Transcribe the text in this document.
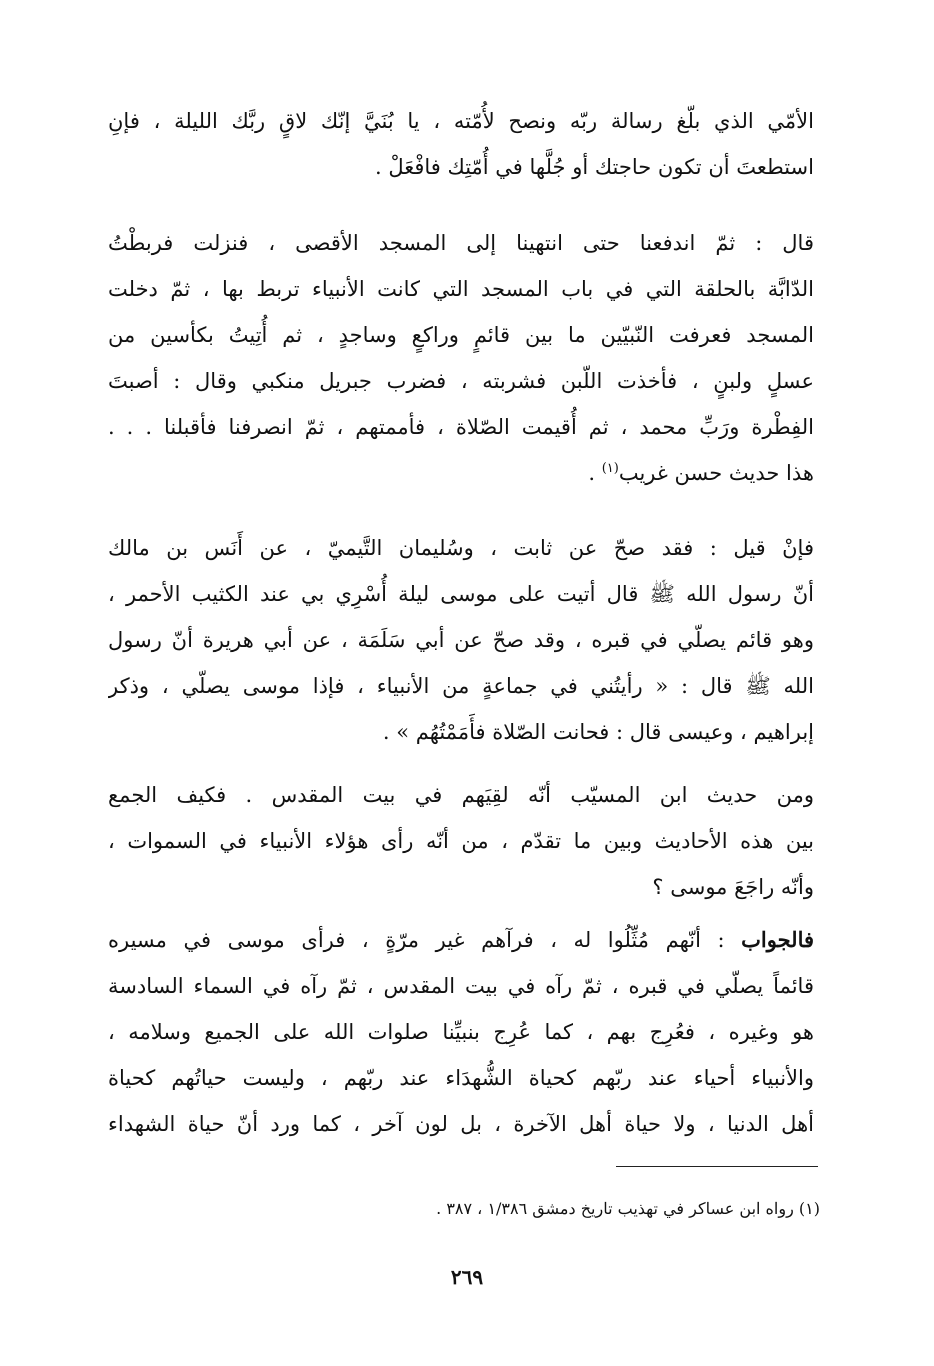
الأمّي الذي بلّغ رسالة ربّه ونصح لأُمّته ، يا بُنَيَّ إنّك لاقٍ ربَّك الليلة ، فإنِ
استطعتَ أن تكون حاجتك أو جُلَّها في أُمّتِك فافْعَلْ .

قال : ثمّ اندفعنا حتى انتهينا إلى المسجد الأقصى ، فنزلت فربطْتُ
الدّابَّة بالحلقة التي في باب المسجد التي كانت الأنبياء تربط بها ، ثمّ دخلت
المسجد فعرفت النّبيّين ما بين قائمٍ وراكعٍ وساجدٍ ، ثم أُتِيتُ بكأسين من
عسلٍ ولبنٍ ، فأخذت اللّبن فشربته ، فضرب جبريل منكبي وقال : أصبتَ
الفِطْرة ورَبِّ محمد ، ثم أُقيمت الصّلاة ، فأممتهم ، ثمّ انصرفنا فأقبلنا . . .
هذا حديث حسن غريب$^{(١)}$ .

فإنْ قيل : فقد صحّ عن ثابت ، وسُليمان التَّيميّ ، عن أَنَس بن مالك
أنّ رسول الله ﷺ قال أتيت على موسى ليلة أُسْرِي بي عند الكثيب الأحمر ،
وهو قائم يصلّي في قبره ، وقد صحّ عن أبي سَلَمَة ، عن أبي هريرة أنّ رسول
الله ﷺ قال : « رأيتُني في جماعةٍ من الأنبياء ، فإذا موسى يصلّي ، وذكر
إبراهيم ، وعيسى قال : فحانت الصّلاة فأَمَمْتُهُم » .

ومن حديث ابن المسيّب أنّه لقِيَهم في بيت المقدس . فكيف الجمع
بين هذه الأحاديث وبين ما تقدّم ، من أنّه رأى هؤلاء الأنبياء في السموات ،
وأنّه راجَعَ موسى ؟

فالجواب : أنّهم مُثِّلُوا له ، فرآهم غير مرّةٍ ، فرأى موسى في مسيره
قائماً يصلّي في قبره ، ثمّ رآه في بيت المقدس ، ثمّ رآه في السماء السادسة
هو وغيره ، فعُرِج بهم ، كما عُرِج بنبيِّنا صلوات الله على الجميع وسلامه ،
والأنبياء أحياء عند ربّهم كحياة الشُّهدَاء عند ربّهم ، وليست حياتُهم كحياة
أهل الدنيا ، ولا حياة أهل الآخرة ، بل لون آخر ، كما ورد أنّ حياة الشهداء

(١) رواه ابن عساكر في تهذيب تاريخ دمشق ١/٣٨٦ ، ٣٨٧ .
٢٦٩
